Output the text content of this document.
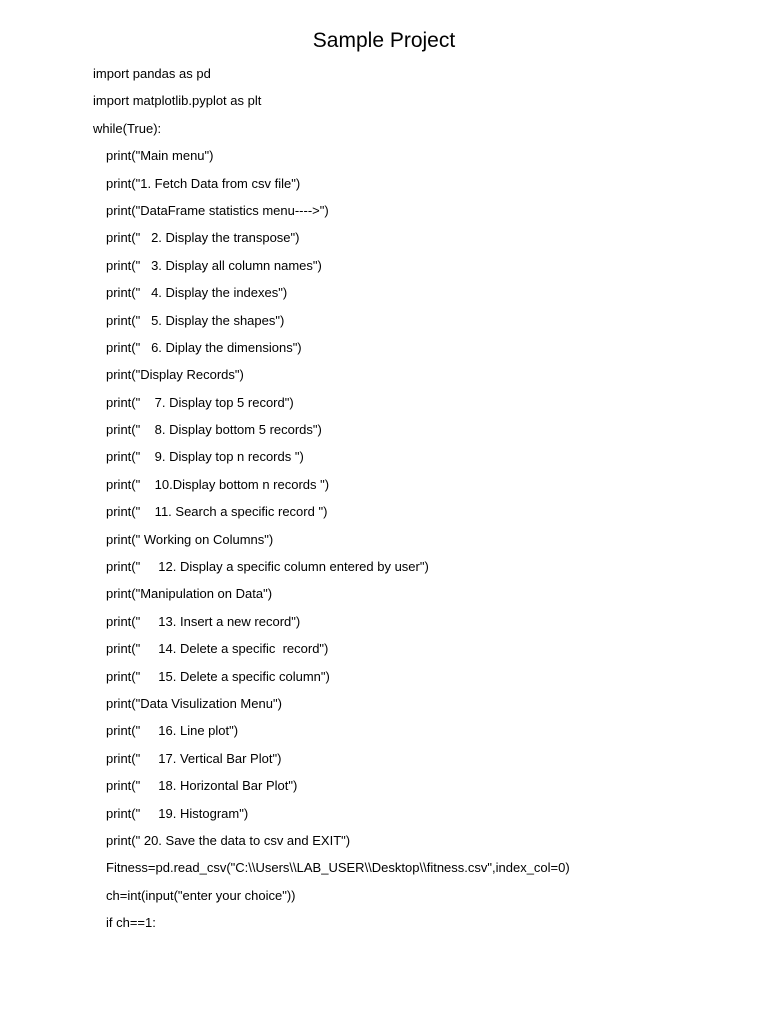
Sample Project
import pandas as pd
import matplotlib.pyplot as plt
while(True):
print("Main menu")
print("1. Fetch Data from csv file")
print("DataFrame statistics menu---->")
print("   2. Display the transpose")
print("   3. Display all column names")
print("   4. Display the indexes")
print("   5. Display the shapes")
print("   6. Diplay the dimensions")
print("Display Records")
print("    7. Display top 5 record")
print("    8. Display bottom 5 records")
print("    9. Display top n records ")
print("    10.Display bottom n records ")
print("    11. Search a specific record ")
print(" Working on Columns")
print("     12. Display a specific column entered by user")
print("Manipulation on Data")
print("     13. Insert a new record")
print("     14. Delete a specific  record")
print("     15. Delete a specific column")
print("Data Visulization Menu")
print("     16. Line plot")
print("     17. Vertical Bar Plot")
print("     18. Horizontal Bar Plot")
print("     19. Histogram")
print(" 20. Save the data to csv and EXIT")
Fitness=pd.read_csv("C:\\Users\\LAB_USER\\Desktop\\fitness.csv",index_col=0)
ch=int(input("enter your choice"))
if ch==1:
